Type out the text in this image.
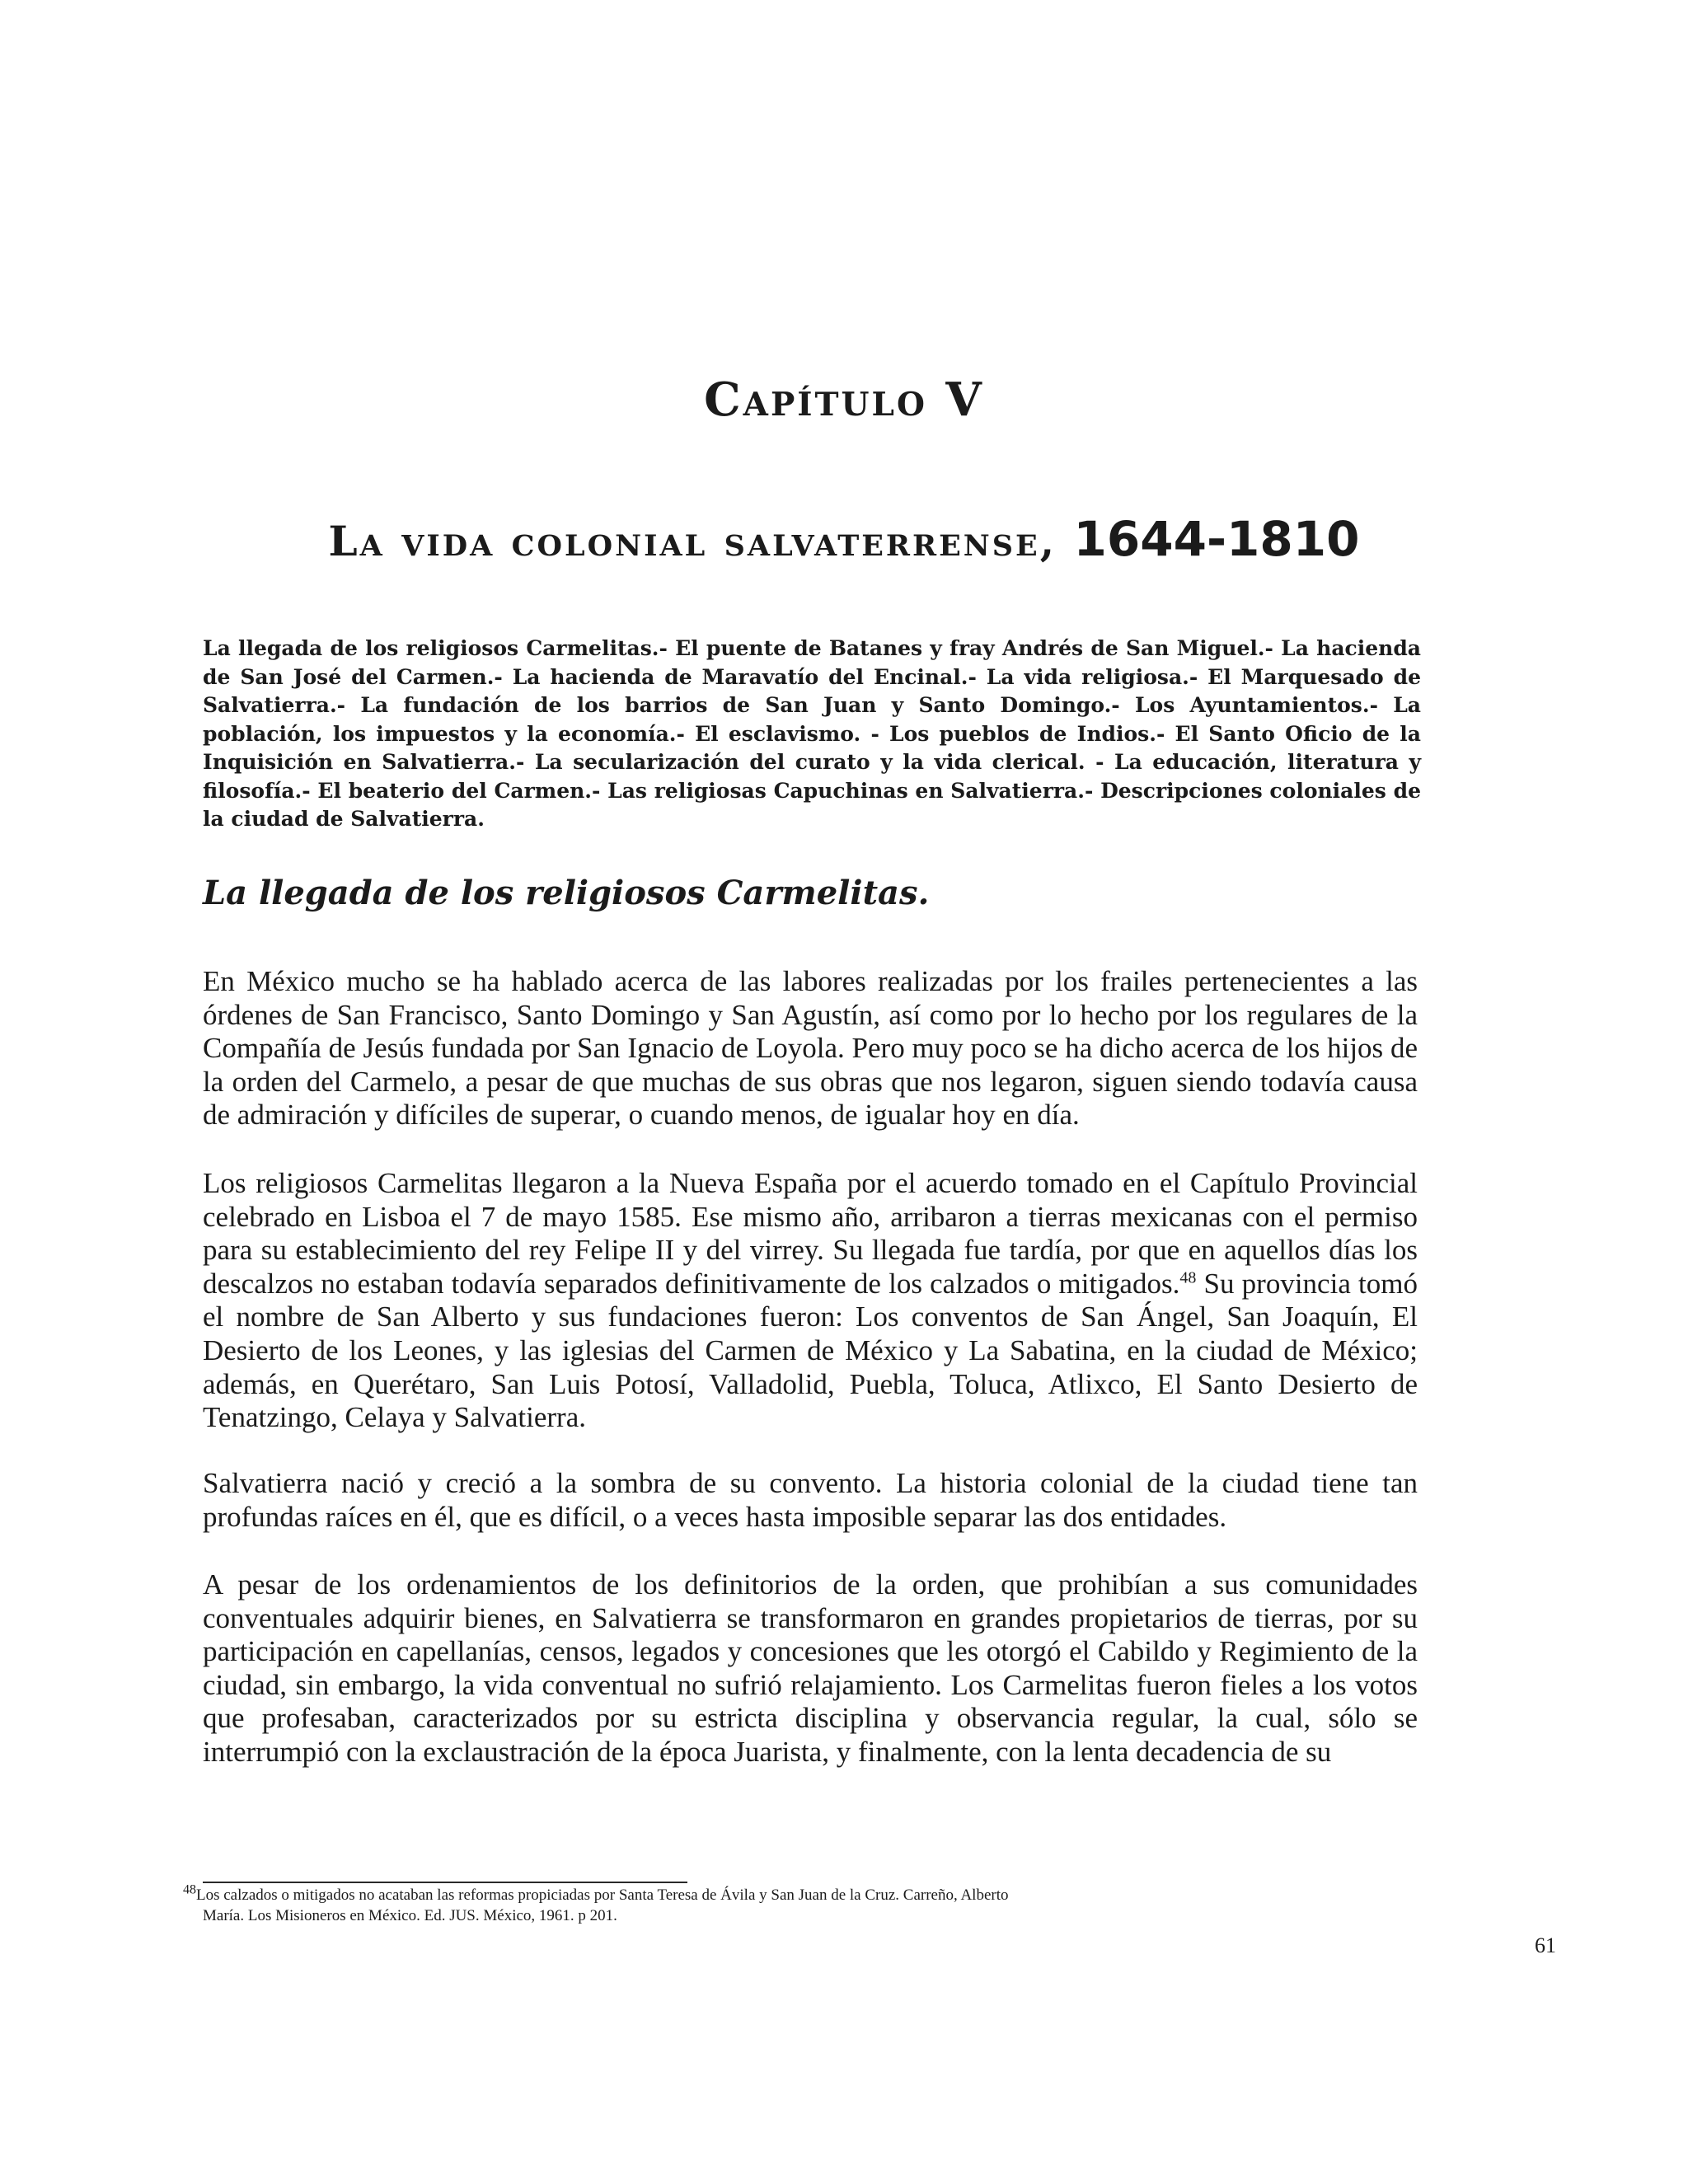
Capítulo V
La vida colonial salvaterrense, 1644-1810
La llegada de los religiosos Carmelitas.- El puente de Batanes y fray Andrés de San Miguel.- La hacienda de San José del Carmen.- La hacienda de Maravatío del Encinal.- La vida religiosa.- El Marquesado de Salvatierra.- La fundación de los barrios de San Juan y Santo Domingo.- Los Ayuntamientos.- La población, los impuestos y la economía.- El esclavismo. - Los pueblos de Indios.- El Santo Oficio de la Inquisición en Salvatierra.- La secularización del curato y la vida clerical. - La educación, literatura y filosofía.- El beaterio del Carmen.- Las religiosas Capuchinas en Salvatierra.- Descripciones coloniales de la ciudad de Salvatierra.
La llegada de los religiosos Carmelitas.

En México mucho se ha hablado acerca de las labores realizadas por los frailes pertenecientes a las órdenes de San Francisco, Santo Domingo y San Agustín, así como por lo hecho por los regulares de la Compañía de Jesús fundada por San Ignacio de Loyola. Pero muy poco se ha dicho acerca de los hijos de la orden del Carmelo, a pesar de que muchas de sus obras que nos legaron, siguen siendo todavía causa de admiración y difíciles de superar, o cuando menos, de igualar hoy en día.

Los religiosos Carmelitas llegaron a la Nueva España por el acuerdo tomado en el Capítulo Provincial celebrado en Lisboa el 7 de mayo 1585. Ese mismo año, arribaron a tierras mexicanas con el permiso para su establecimiento del rey Felipe II y del virrey. Su llegada fue tardía, por que en aquellos días los descalzos no estaban todavía separados definitivamente de los calzados o mitigados.$^{48}$ Su provincia tomó el nombre de San Alberto y sus fundaciones fueron: Los conventos de San Ángel, San Joaquín, El Desierto de los Leones, y las iglesias del Carmen de México y La Sabatina, en la ciudad de México; además, en Querétaro, San Luis Potosí, Valladolid, Puebla, Toluca, Atlixco, El Santo Desierto de Tenatzingo, Celaya y Salvatierra.

Salvatierra nació y creció a la sombra de su convento. La historia colonial de la ciudad tiene tan profundas raíces en él, que es difícil, o a veces hasta imposible separar las dos entidades.

A pesar de los ordenamientos de los definitorios de la orden, que prohibían a sus comunidades conventuales adquirir bienes, en Salvatierra se transformaron en grandes propietarios de tierras, por su participación en capellanías, censos, legados y concesiones que les otorgó el Cabildo y Regimiento de la ciudad, sin embargo, la vida conventual no sufrió relajamiento. Los Carmelitas fueron fieles a los votos que profesaban, caracterizados por su estricta disciplina y observancia regular, la cual, sólo se interrumpió con la exclaustración de la época Juarista, y finalmente, con la lenta decadencia de su

$^{48}$Los calzados o mitigados no acataban las reformas propiciadas por Santa Teresa de Ávila y San Juan de la Cruz. Carreño, Alberto
María. Los Misioneros en México. Ed. JUS. México, 1961. p 201.
61
